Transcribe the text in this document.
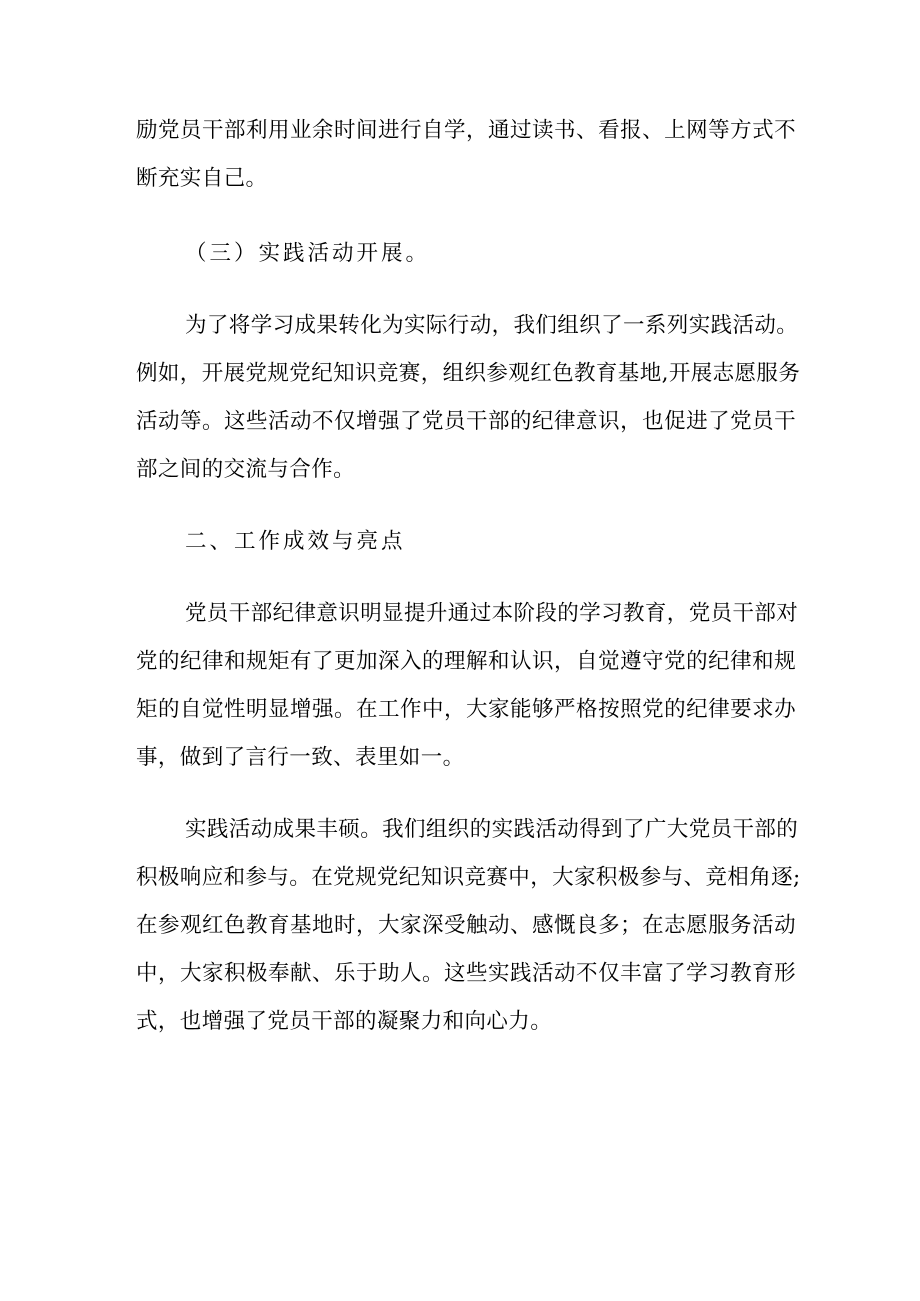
励党员干部利用业余时间进行自学，通过读书、看报、上网等方式不
断充实自己。
（三）实践活动开展。
为了将学习成果转化为实际行动，我们组织了一系列实践活动。
例如，开展党规党纪知识竞赛，组织参观红色教育基地,开展志愿服务
活动等。这些活动不仅增强了党员干部的纪律意识，也促进了党员干
部之间的交流与合作。
二、工作成效与亮点
党员干部纪律意识明显提升通过本阶段的学习教育，党员干部对
党的纪律和规矩有了更加深入的理解和认识，自觉遵守党的纪律和规
矩的自觉性明显增强。在工作中，大家能够严格按照党的纪律要求办
事，做到了言行一致、表里如一。
实践活动成果丰硕。我们组织的实践活动得到了广大党员干部的
积极响应和参与。在党规党纪知识竞赛中，大家积极参与、竞相角逐;
在参观红色教育基地时，大家深受触动、感慨良多；在志愿服务活动
中，大家积极奉献、乐于助人。这些实践活动不仅丰富了学习教育形
式，也增强了党员干部的凝聚力和向心力。
